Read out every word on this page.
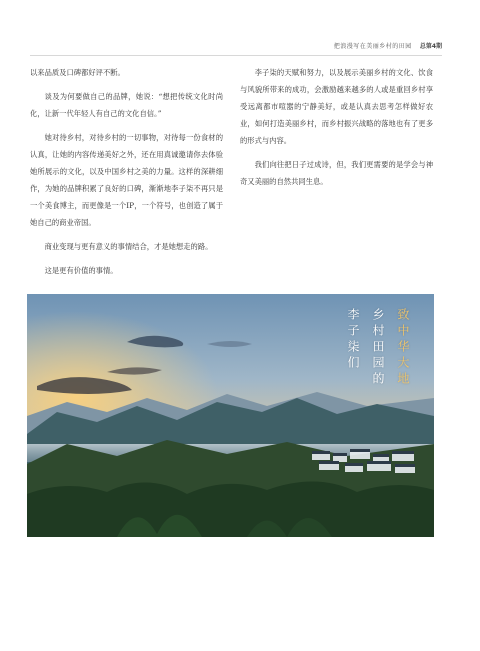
把浪漫写在美丽乡村的田园 总第4期

以来品质及口碑都好评不断。

谈及为何要做自己的品牌，她说：“想把传统文化时尚化，让新一代年轻人有自己的文化自信。”

她对待乡村，对待乡村的一切事物，对待每一份食材的认真，让她的内容传递美好之外，还在用真诚邀请你去体验她所展示的文化，以及中国乡村之美的力量。这样的深耕细作，为她的品牌积累了良好的口碑，渐渐地李子柒不再只是一个美食博主，而更像是一个IP，一个符号，也创造了属于她自己的商业帝国。

商业变现与更有意义的事情结合，才是她想走的路。

这是更有价值的事情。

李子柒的天赋和努力，以及展示美丽乡村的文化、饮食与风貌所带来的成功，会激励越来越多的人或是重回乡村享受远离都市喧嚣的宁静美好，或是认真去思考怎样做好农业，如何打造美丽乡村，而乡村振兴战略的落地也有了更多的形式与内容。

我们向往把日子过成诗，但，我们更需要的是学会与神奇又美丽的自然共同生息。

致中华大地
乡村田园的
李子柒们
